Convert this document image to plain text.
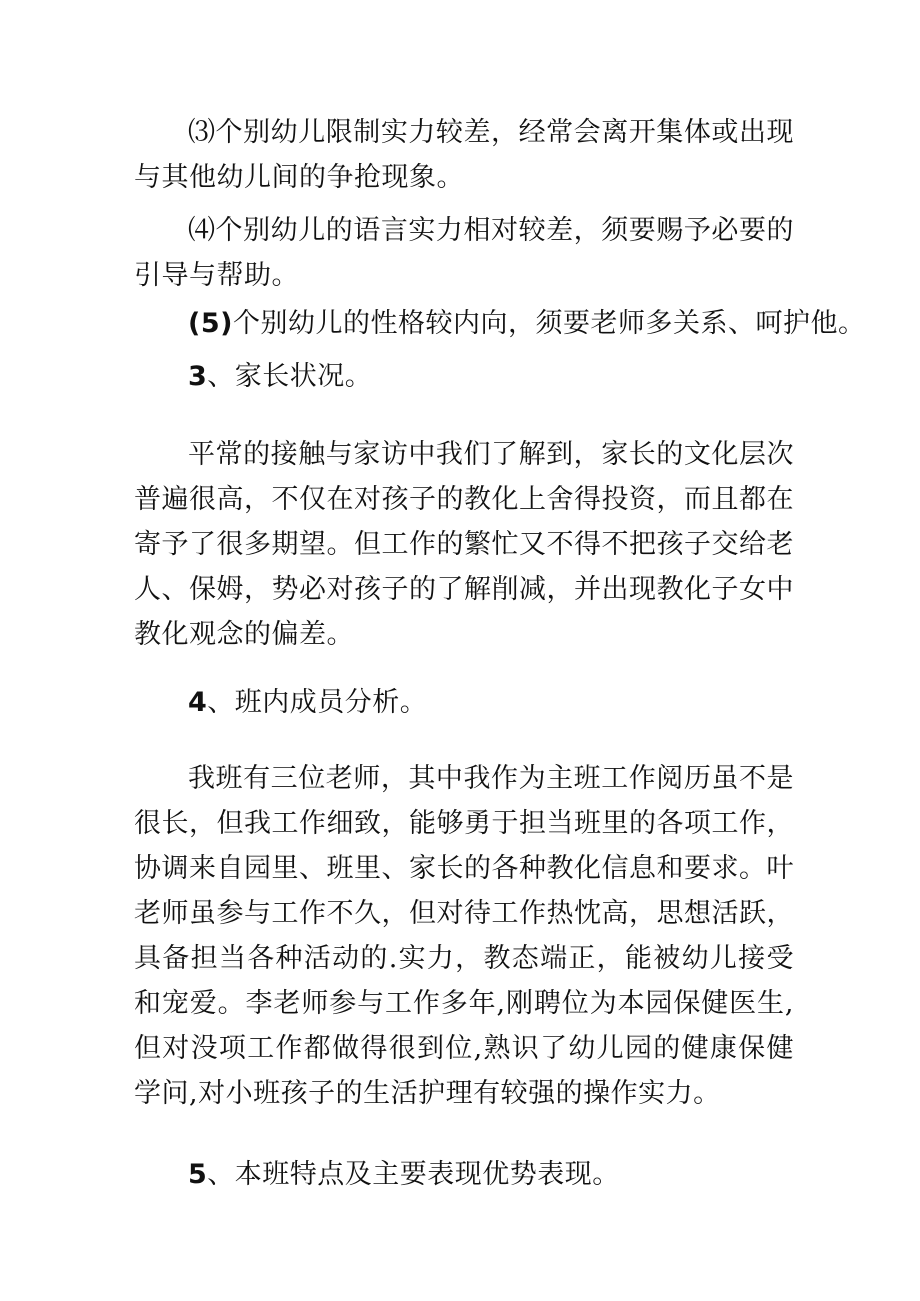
⑶个别幼儿限制实力较差，经常会离开集体或出现与其他幼儿间的争抢现象。

⑷个别幼儿的语言实力相对较差，须要赐予必要的引导与帮助。

(5)个别幼儿的性格较内向，须要老师多关系、呵护他。

3、家长状况。

平常的接触与家访中我们了解到，家长的文化层次普遍很高，不仅在对孩子的教化上舍得投资，而且都在寄予了很多期望。但工作的繁忙又不得不把孩子交给老人、保姆，势必对孩子的了解削减，并出现教化子女中教化观念的偏差。

4、班内成员分析。

我班有三位老师，其中我作为主班工作阅历虽不是很长，但我工作细致，能够勇于担当班里的各项工作，协调来自园里、班里、家长的各种教化信息和要求。叶老师虽参与工作不久，但对待工作热忱高，思想活跃，具备担当各种活动的.实力，教态端正，能被幼儿接受和宠爱。李老师参与工作多年,刚聘位为本园保健医生,但对没项工作都做得很到位,熟识了幼儿园的健康保健学问,对小班孩子的生活护理有较强的操作实力。

5、本班特点及主要表现优势表现。
